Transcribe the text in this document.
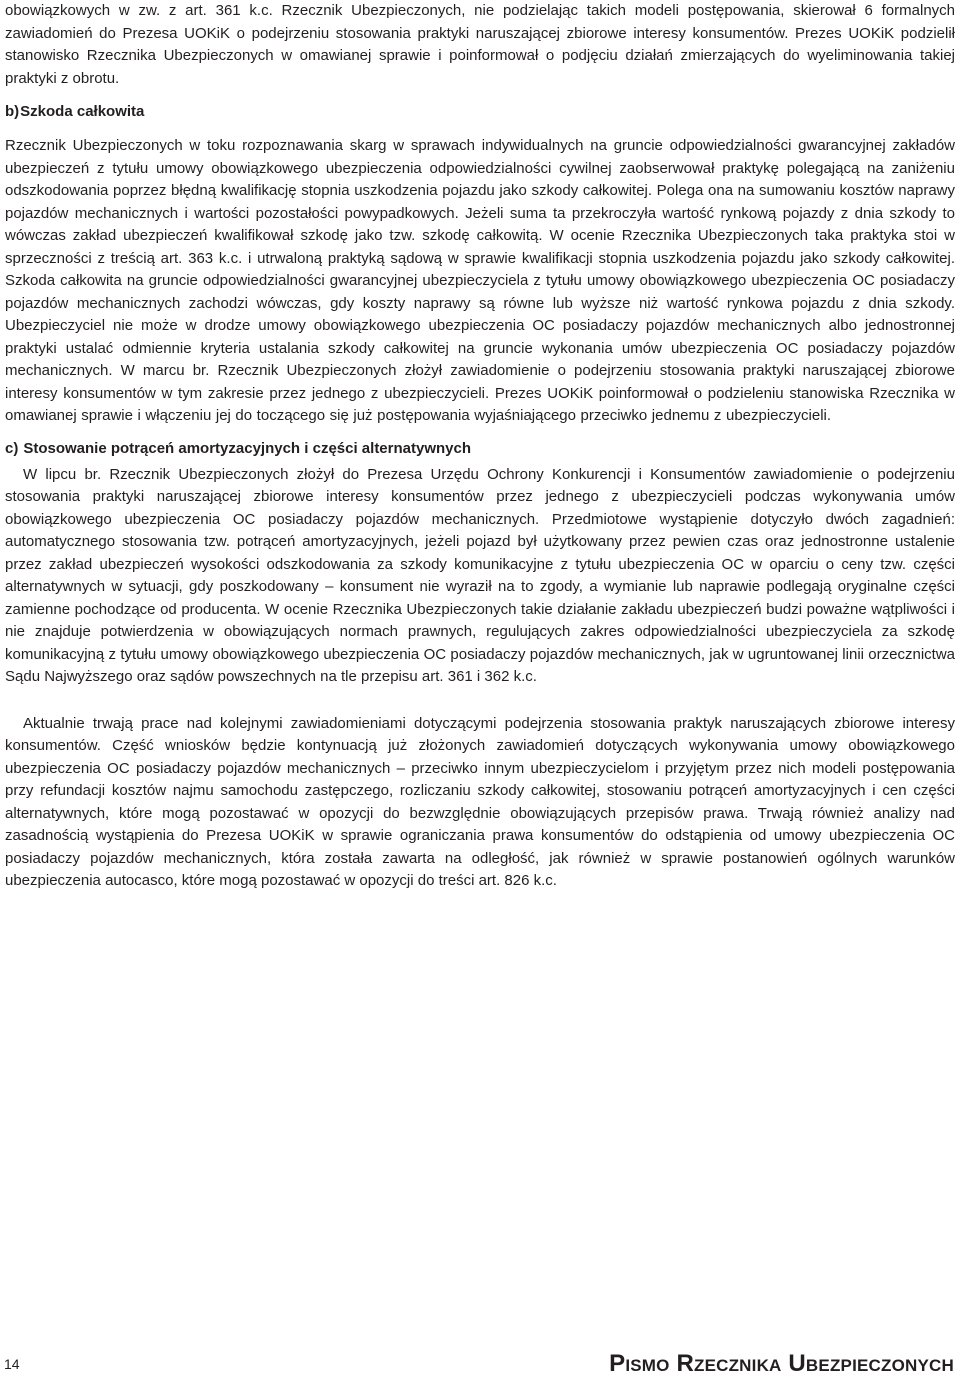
obowiązkowych w zw. z art. 361 k.c. Rzecznik Ubezpieczonych, nie podzielając takich modeli postępowania, skierował 6 formalnych zawiadomień do Prezesa UOKiK o podejrzeniu stosowania praktyki naruszającej zbiorowe interesy konsumentów. Prezes UOKiK podzielił stanowisko Rzecznika Ubezpieczonych w omawianej sprawie i poinformował o podjęciu działań zmierzających do wyeliminowania takiej praktyki z obrotu.

b)Szkoda całkowita

Rzecznik Ubezpieczonych w toku rozpoznawania skarg w sprawach indywidualnych na gruncie odpowiedzialności gwarancyjnej zakładów ubezpieczeń z tytułu umowy obowiązkowego ubezpieczenia odpowiedzialności cywilnej zaobserwował praktykę polegającą na zaniżeniu odszkodowania poprzez błędną kwalifikację stopnia uszkodzenia pojazdu jako szkody całkowitej. Polega ona na sumowaniu kosztów naprawy pojazdów mechanicznych i wartości pozostałości powypadkowych. Jeżeli suma ta przekroczyła wartość rynkową pojazdy z dnia szkody to wówczas zakład ubezpieczeń kwalifikował szkodę jako tzw. szkodę całkowitą. W ocenie Rzecznika Ubezpieczonych taka praktyka stoi w sprzeczności z treścią art. 363 k.c. i utrwaloną praktyką sądową w sprawie kwalifikacji stopnia uszkodzenia pojazdu jako szkody całkowitej. Szkoda całkowita na gruncie odpowiedzialności gwarancyjnej ubezpieczyciela z tytułu umowy obowiązkowego ubezpieczenia OC posiadaczy pojazdów mechanicznych zachodzi wówczas, gdy koszty naprawy są równe lub wyższe niż wartość rynkowa pojazdu z dnia szkody. Ubezpieczyciel nie może w drodze umowy obowiązkowego ubezpieczenia OC posiadaczy pojazdów mechanicznych albo jednostronnej praktyki ustalać odmiennie kryteria ustalania szkody całkowitej na gruncie wykonania umów ubezpieczenia OC posiadaczy pojazdów mechanicznych. W marcu br. Rzecznik Ubezpieczonych złożył zawiadomienie o podejrzeniu stosowania praktyki naruszającej zbiorowe interesy konsumentów w tym zakresie przez jednego z ubezpieczycieli. Prezes UOKiK poinformował o podzieleniu stanowiska Rzecznika w omawianej sprawie i włączeniu jej do toczącego się już postępowania wyjaśniającego przeciwko jednemu z ubezpieczycieli.

c) Stosowanie potrąceń amortyzacyjnych i części alternatywnych

W lipcu br. Rzecznik Ubezpieczonych złożył do Prezesa Urzędu Ochrony Konkurencji i Konsumentów zawiadomienie o podejrzeniu stosowania praktyki naruszającej zbiorowe interesy konsumentów przez jednego z ubezpieczycieli podczas wykonywania umów obowiązkowego ubezpieczenia OC posiadaczy pojazdów mechanicznych. Przedmiotowe wystąpienie dotyczyło dwóch zagadnień: automatycznego stosowania tzw. potrąceń amortyzacyjnych, jeżeli pojazd był użytkowany przez pewien czas oraz jednostronne ustalenie przez zakład ubezpieczeń wysokości odszkodowania za szkody komunikacyjne z tytułu ubezpieczenia OC w oparciu o ceny tzw. części alternatywnych w sytuacji, gdy poszkodowany – konsument nie wyraził na to zgody, a wymianie lub naprawie podlegają oryginalne części zamienne pochodzące od producenta. W ocenie Rzecznika Ubezpieczonych takie działanie zakładu ubezpieczeń budzi poważne wątpliwości i nie znajduje potwierdzenia w obowiązujących normach prawnych, regulujących zakres odpowiedzialności ubezpieczyciela za szkodę komunikacyjną z tytułu umowy obowiązkowego ubezpieczenia OC posiadaczy pojazdów mechanicznych, jak w ugruntowanej linii orzecznictwa Sądu Najwyższego oraz sądów powszechnych na tle przepisu art. 361 i 362 k.c.

Aktualnie trwają prace nad kolejnymi zawiadomieniami dotyczącymi podejrzenia stosowania praktyk naruszających zbiorowe interesy konsumentów. Część wniosków będzie kontynuacją już złożonych zawiadomień dotyczących wykonywania umowy obowiązkowego ubezpieczenia OC posiadaczy pojazdów mechanicznych – przeciwko innym ubezpieczycielom i przyjętym przez nich modeli postępowania przy refundacji kosztów najmu samochodu zastępczego, rozliczaniu szkody całkowitej, stosowaniu potrąceń amortyzacyjnych i cen części alternatywnych, które mogą pozostawać w opozycji do bezwzględnie obowiązujących przepisów prawa. Trwają również analizy nad zasadnością wystąpienia do Prezesa UOKiK w sprawie ograniczania prawa konsumentów do odstąpienia od umowy ubezpieczenia OC posiadaczy pojazdów mechanicznych, która została zawarta na odległość, jak również w sprawie postanowień ogólnych warunków ubezpieczenia autocasco, które mogą pozostawać w opozycji do treści art. 826 k.c.

14	Pismo Rzecznika Ubezpieczonych
